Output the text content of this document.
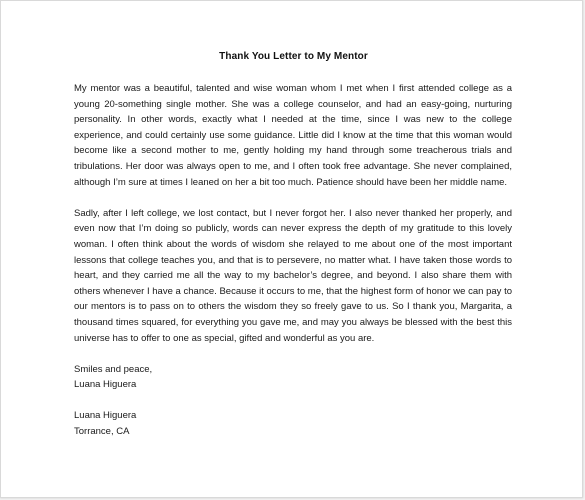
Thank You Letter to My Mentor

My mentor was a beautiful, talented and wise woman whom I met when I first attended college as a young 20-something single mother. She was a college counselor, and had an easy-going, nurturing personality. In other words, exactly what I needed at the time, since I was new to the college experience, and could certainly use some guidance. Little did I know at the time that this woman would become like a second mother to me, gently holding my hand through some treacherous trials and tribulations. Her door was always open to me, and I often took free advantage. She never complained, although I’m sure at times I leaned on her a bit too much. Patience should have been her middle name.

Sadly, after I left college, we lost contact, but I never forgot her. I also never thanked her properly, and even now that I’m doing so publicly, words can never express the depth of my gratitude to this lovely woman. I often think about the words of wisdom she relayed to me about one of the most important lessons that college teaches you, and that is to persevere, no matter what. I have taken those words to heart, and they carried me all the way to my bachelor’s degree, and beyond. I also share them with others whenever I have a chance. Because it occurs to me, that the highest form of honor we can pay to our mentors is to pass on to others the wisdom they so freely gave to us. So I thank you, Margarita, a thousand times squared, for everything you gave me, and may you always be blessed with the best this universe has to offer to one as special, gifted and wonderful as you are.

Smiles and peace,
Luana Higuera
Luana Higuera
Torrance, CA
